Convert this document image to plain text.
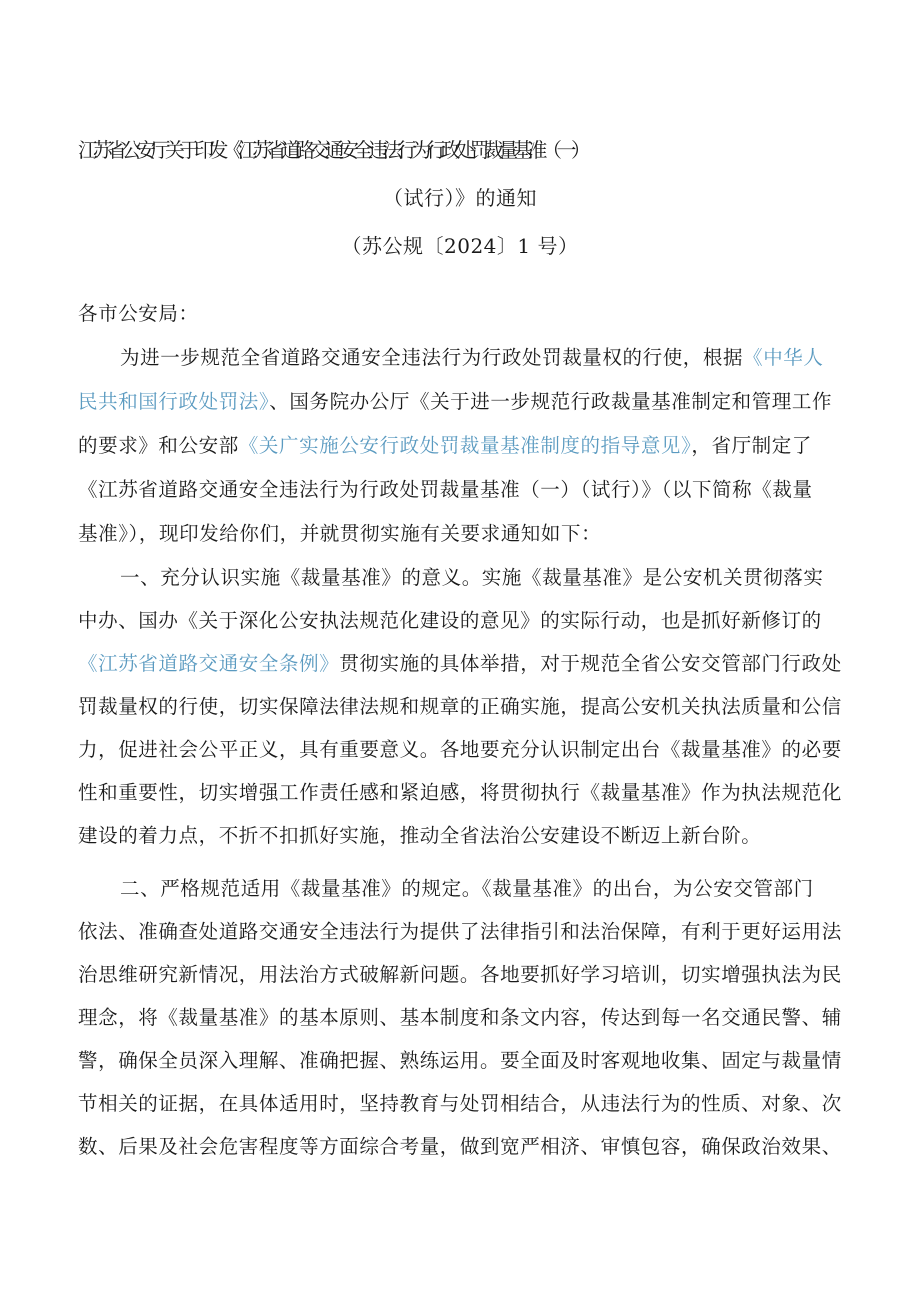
江苏省公安厅关于印发《江苏省道路交通安全违法行为行政处罚裁量基准（一）
（试行）》的通知
（苏公规〔2024〕1 号）
各市公安局：
为进一步规范全省道路交通安全违法行为行政处罚裁量权的行使，根据《中华人
民共和国行政处罚法》、国务院办公厅《关于进一步规范行政裁量基准制定和管理工作
的要求》和公安部《关广实施公安行政处罚裁量基准制度的指导意见》，省厅制定了
《江苏省道路交通安全违法行为行政处罚裁量基准（一）（试行）》（以下简称《裁量
基准》），现印发给你们，并就贯彻实施有关要求通知如下：
一、充分认识实施《裁量基准》的意义。实施《裁量基准》是公安机关贯彻落实
中办、国办《关于深化公安执法规范化建设的意见》的实际行动，也是抓好新修订的
《江苏省道路交通安全条例》贯彻实施的具体举措，对于规范全省公安交管部门行政处
罚裁量权的行使，切实保障法律法规和规章的正确实施，提高公安机关执法质量和公信
力，促进社会公平正义，具有重要意义。各地要充分认识制定出台《裁量基准》的必要
性和重要性，切实增强工作责任感和紧迫感，将贯彻执行《裁量基准》作为执法规范化
建设的着力点，不折不扣抓好实施，推动全省法治公安建设不断迈上新台阶。
二、严格规范适用《裁量基准》的规定。《裁量基准》的出台，为公安交管部门
依法、准确查处道路交通安全违法行为提供了法律指引和法治保障，有利于更好运用法
治思维研究新情况，用法治方式破解新问题。各地要抓好学习培训，切实增强执法为民
理念，将《裁量基准》的基本原则、基本制度和条文内容，传达到每一名交通民警、辅
警，确保全员深入理解、准确把握、熟练运用。要全面及时客观地收集、固定与裁量情
节相关的证据，在具体适用时，坚持教育与处罚相结合，从违法行为的性质、对象、次
数、后果及社会危害程度等方面综合考量，做到宽严相济、审慎包容，确保政治效果、
